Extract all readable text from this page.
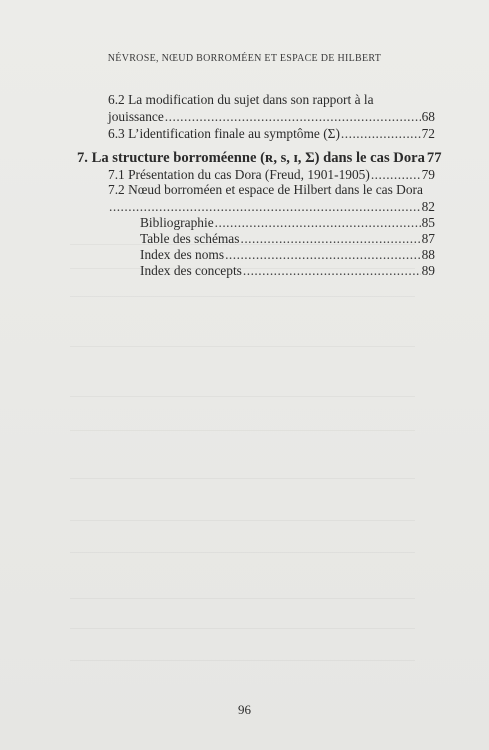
NÉVROSE, NŒUD BORROMÉEN ET ESPACE DE HILBERT
6.2 La modification du sujet dans son rapport à la
jouissance .....	68
6.3 L’identification finale au symptôme (Σ) .....	72
7. La structure borroméenne (ʀ, s, ɪ, Σ) dans le cas Dora 77
7.1 Présentation du cas Dora (Freud, 1901-1905) .....	79
7.2 Nœud borroméen et espace de Hilbert dans le cas Dora
.....
82
Bibliographie .....	85
Table des schémas .....	87
Index des noms .....	88
Index des concepts .....	89
96
